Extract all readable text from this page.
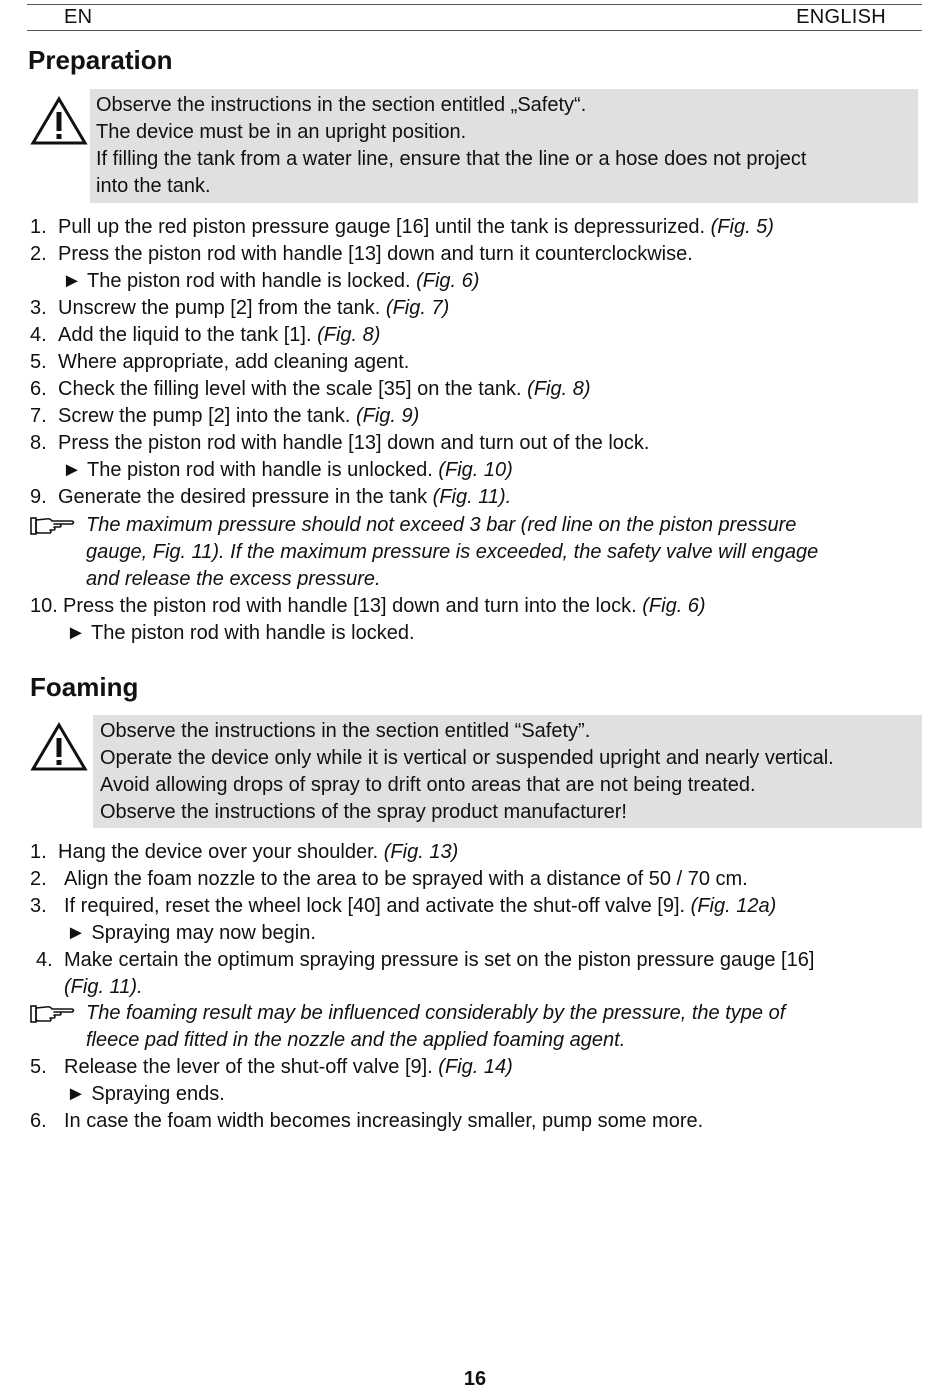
EN	ENGLISH
Preparation
Observe the instructions in the section entitled „Safety“.
The device must be in an upright position.
If filling the tank from a water line, ensure that the line or a hose does not project
into the tank.
1. Pull up the red piston pressure gauge [16] until the tank is depressurized. (Fig. 5)
2. Press the piston rod with handle [13] down and turn it counterclockwise.
► The piston rod with handle is locked. (Fig. 6)
3. Unscrew the pump [2] from the tank. (Fig. 7)
4. Add the liquid to the tank [1]. (Fig. 8)
5. Where appropriate, add cleaning agent.
6. Check the filling level with the scale [35] on the tank. (Fig. 8)
7. Screw the pump [2] into the tank. (Fig. 9)
8. Press the piston rod with handle [13] down and turn out of the lock.
► The piston rod with handle is unlocked. (Fig. 10)
9. Generate the desired pressure in the tank (Fig. 11).
The maximum pressure should not exceed 3 bar (red line on the piston pressure
gauge, Fig. 11). If the maximum pressure is exceeded, the safety valve will engage
and release the excess pressure.
10. Press the piston rod with handle [13] down and turn into the lock. (Fig. 6)
► The piston rod with handle is locked.
Foaming
Observe the instructions in the section entitled “Safety”.
Operate the device only while it is vertical or suspended upright and nearly vertical.
Avoid allowing drops of spray to drift onto areas that are not being treated.
Observe the instructions of the spray product manufacturer!
1. Hang the device over your shoulder. (Fig. 13)
2. Align the foam nozzle to the area to be sprayed with a distance of 50 / 70 cm.
3. If required, reset the wheel lock [40] and activate the shut-off valve [9]. (Fig. 12a)
► Spraying may now begin.
4. Make certain the optimum spraying pressure is set on the piston pressure gauge [16]
(Fig. 11).
The foaming result may be influenced considerably by the pressure, the type of
fleece pad fitted in the nozzle and the applied foaming agent.
5. Release the lever of the shut-off valve [9]. (Fig. 14)
► Spraying ends.
6. In case the foam width becomes increasingly smaller, pump some more.
16
